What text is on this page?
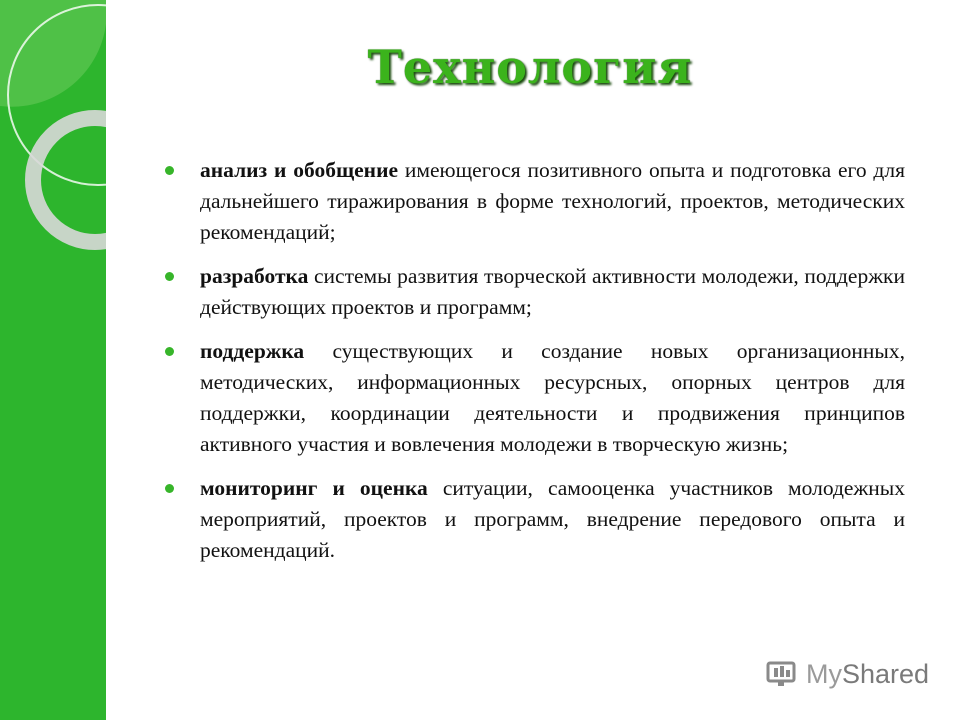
Технология
анализ и обобщение имеющегося позитивного опыта и подготовка его для дальнейшего тиражирования в форме технологий, проектов, методических рекомендаций;
разработка системы развития творческой активности молодежи, поддержки действующих проектов и программ;
поддержка существующих и создание новых организационных, методических, информационных ресурсных, опорных центров для поддержки, координации деятельности и продвижения принципов активного участия и вовлечения молодежи в творческую жизнь;
мониторинг и оценка ситуации, самооценка участников молодежных мероприятий, проектов и программ, внедрение передового опыта и рекомендаций.
MyShared
